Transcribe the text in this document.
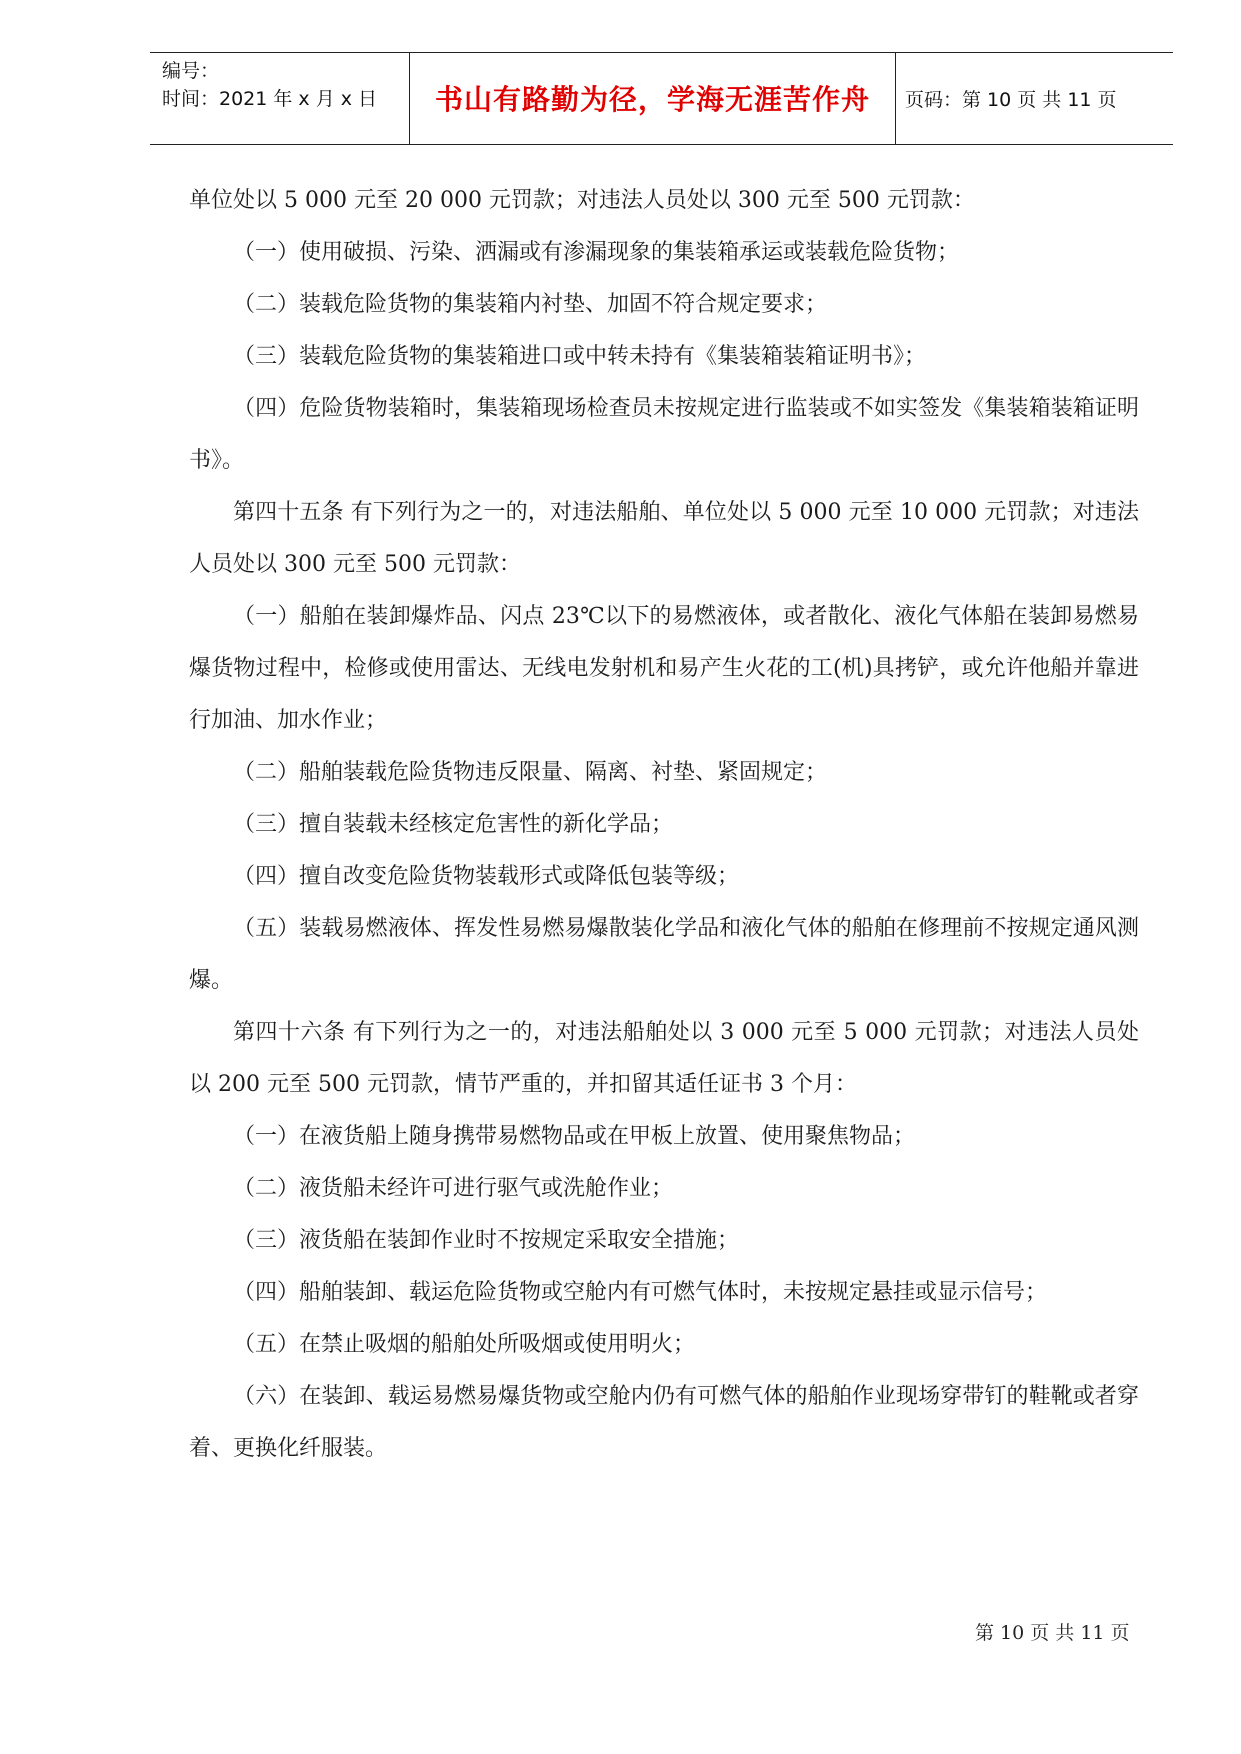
编号：
时间：2021 年 x 月 x 日	书山有路勤为径，学海无涯苦作舟	页码：第 10 页 共 11 页

单位处以 5 000 元至 20 000 元罚款；对违法人员处以 300 元至 500 元罚款：

（一）使用破损、污染、洒漏或有渗漏现象的集装箱承运或装载危险货物；

（二）装载危险货物的集装箱内衬垫、加固不符合规定要求；

（三）装载危险货物的集装箱进口或中转未持有《集装箱装箱证明书》；

（四）危险货物装箱时，集装箱现场检查员未按规定进行监装或不如实签发《集装箱装箱证明书》。

第四十五条 有下列行为之一的，对违法船舶、单位处以 5 000 元至 10 000 元罚款；对违法人员处以 300 元至 500 元罚款：

（一）船舶在装卸爆炸品、闪点 23℃以下的易燃液体，或者散化、液化气体船在装卸易燃易爆货物过程中，检修或使用雷达、无线电发射机和易产生火花的工(机)具拷铲，或允许他船并靠进行加油、加水作业；

（二）船舶装载危险货物违反限量、隔离、衬垫、紧固规定；

（三）擅自装载未经核定危害性的新化学品；

（四）擅自改变危险货物装载形式或降低包装等级；

（五）装载易燃液体、挥发性易燃易爆散装化学品和液化气体的船舶在修理前不按规定通风测爆。

第四十六条 有下列行为之一的，对违法船舶处以 3 000 元至 5 000 元罚款；对违法人员处以 200 元至 500 元罚款，情节严重的，并扣留其适任证书 3 个月：

（一）在液货船上随身携带易燃物品或在甲板上放置、使用聚焦物品；

（二）液货船未经许可进行驱气或洗舱作业；

（三）液货船在装卸作业时不按规定采取安全措施；

（四）船舶装卸、载运危险货物或空舱内有可燃气体时，未按规定悬挂或显示信号；

（五）在禁止吸烟的船舶处所吸烟或使用明火；

（六）在装卸、载运易燃易爆货物或空舱内仍有可燃气体的船舶作业现场穿带钉的鞋靴或者穿着、更换化纤服装。

第 10 页 共 11 页
